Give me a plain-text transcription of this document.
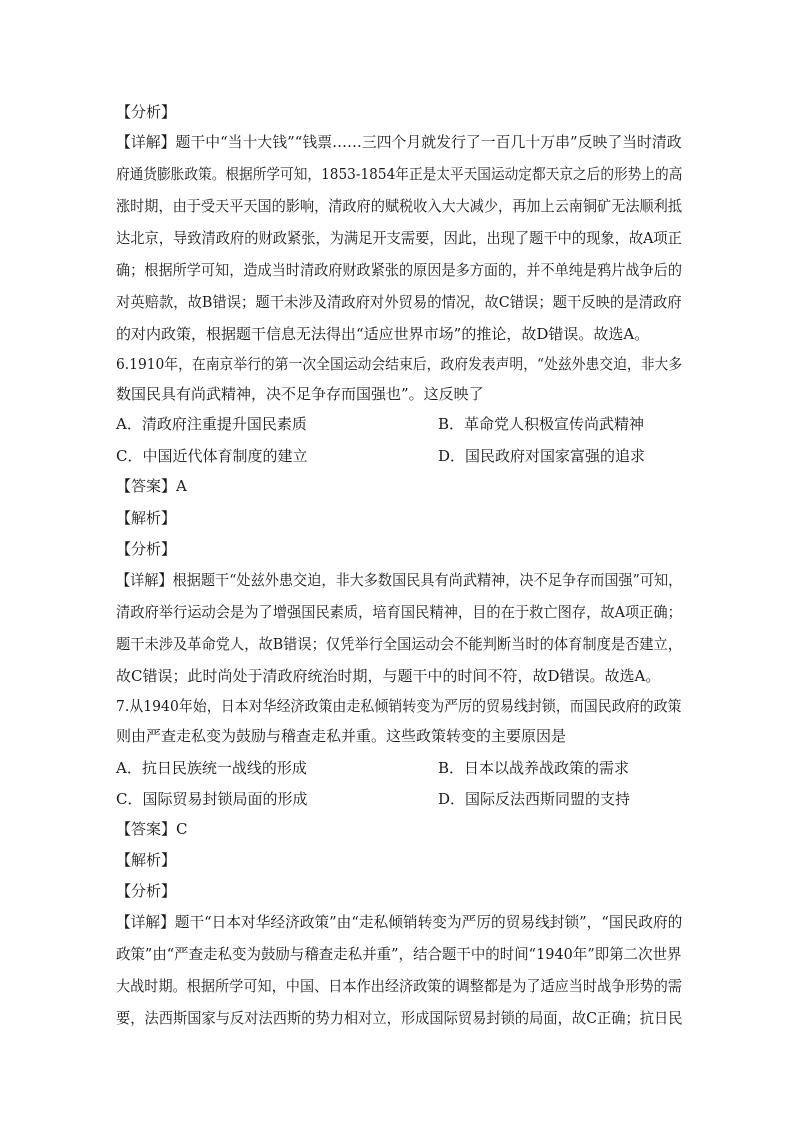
【分析】
【详解】题干中“当十大钱”“钱票……三四个月就发行了一百几十万串”反映了当时清政
府通货膨胀政策。根据所学可知，1853-1854年正是太平天国运动定都天京之后的形势上的高
涨时期，由于受天平天国的影响，清政府的赋税收入大大减少，再加上云南铜矿无法顺利抵
达北京，导致清政府的财政紧张，为满足开支需要，因此，出现了题干中的现象，故A项正
确；根据所学可知，造成当时清政府财政紧张的原因是多方面的，并不单纯是鸦片战争后的
对英赔款，故B错误；题干未涉及清政府对外贸易的情况，故C错误；题干反映的是清政府
的对内政策，根据题干信息无法得出“适应世界市场”的推论，故D错误。故选A。
6.1910年，在南京举行的第一次全国运动会结束后，政府发表声明，“处兹外患交迫，非大多
数国民具有尚武精神，决不足争存而国强也”。这反映了
A．清政府注重提升国民素质	B．革命党人积极宣传尚武精神
C．中国近代体育制度的建立	D．国民政府对国家富强的追求
【答案】A
【解析】
【分析】
【详解】根据题干“处兹外患交迫，非大多数国民具有尚武精神，决不足争存而国强”可知，
清政府举行运动会是为了增强国民素质，培育国民精神，目的在于救亡图存，故A项正确；
题干未涉及革命党人，故B错误；仅凭举行全国运动会不能判断当时的体育制度是否建立，
故C错误；此时尚处于清政府统治时期，与题干中的时间不符，故D错误。故选A。
7.从1940年始，日本对华经济政策由走私倾销转变为严厉的贸易线封锁，而国民政府的政策
则由严查走私变为鼓励与稽查走私并重。这些政策转变的主要原因是
A．抗日民族统一战线的形成	B．日本以战养战政策的需求
C．国际贸易封锁局面的形成	D．国际反法西斯同盟的支持
【答案】C
【解析】
【分析】
【详解】题干“日本对华经济政策”由“走私倾销转变为严厉的贸易线封锁”，“国民政府的
政策”由“严查走私变为鼓励与稽查走私并重”，结合题干中的时间“1940年”即第二次世界
大战时期。根据所学可知，中国、日本作出经济政策的调整都是为了适应当时战争形势的需
要，法西斯国家与反对法西斯的势力相对立，形成国际贸易封锁的局面，故C正确；抗日民
